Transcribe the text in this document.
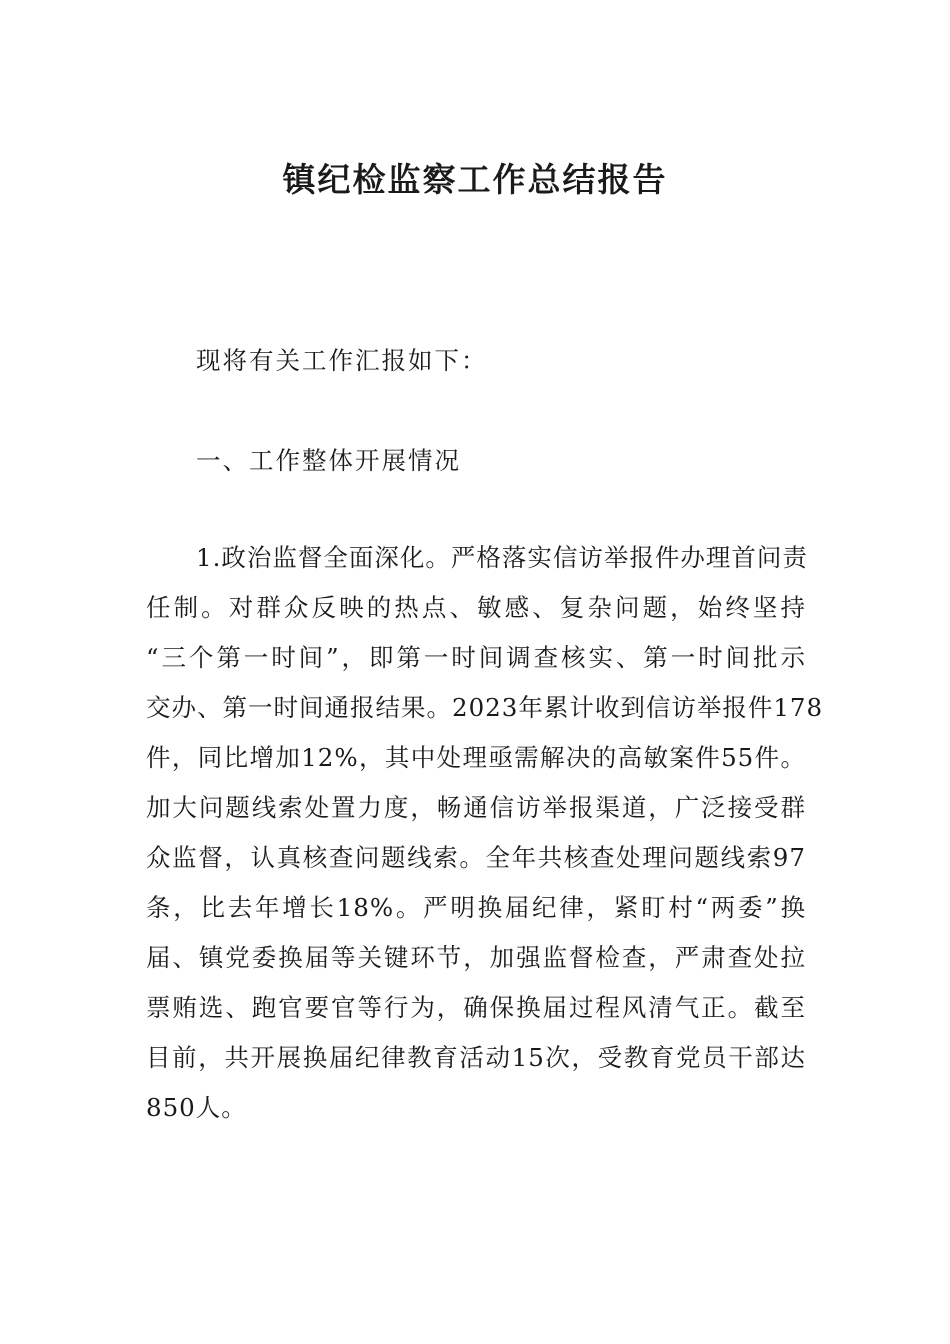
镇纪检监察工作总结报告

现将有关工作汇报如下：

一、工作整体开展情况

1.政治监督全面深化。严格落实信访举报件办理首问责
任制。对群众反映的热点、敏感、复杂问题，始终坚持
“三个第一时间”，即第一时间调查核实、第一时间批示
交办、第一时间通报结果。2023年累计收到信访举报件178
件，同比增加12%，其中处理亟需解决的高敏案件55件。
加大问题线索处置力度，畅通信访举报渠道，广泛接受群
众监督，认真核查问题线索。全年共核查处理问题线索97
条，比去年增长18%。严明换届纪律，紧盯村“两委”换
届、镇党委换届等关键环节，加强监督检查，严肃查处拉
票贿选、跑官要官等行为，确保换届过程风清气正。截至
目前，共开展换届纪律教育活动15次，受教育党员干部达
850人。
